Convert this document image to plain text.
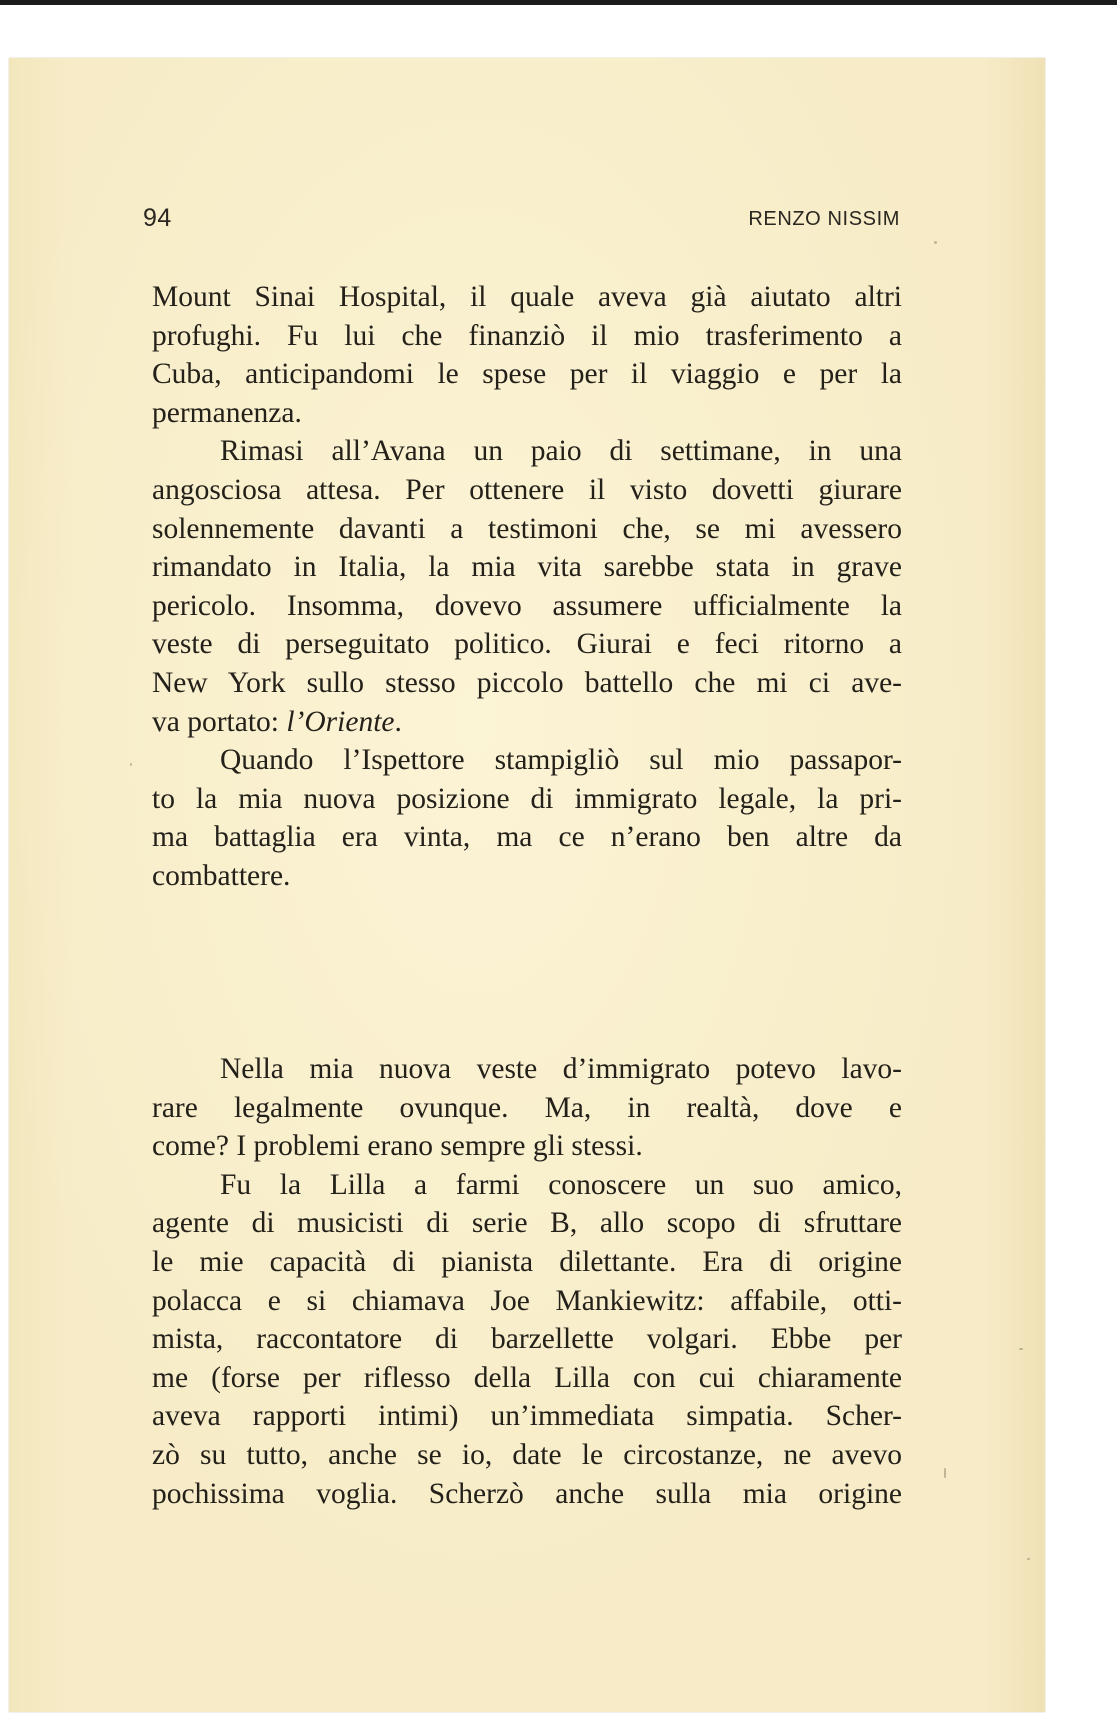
94	RENZO NISSIM

Mount Sinai Hospital, il quale aveva già aiutato altri
profughi. Fu lui che finanziò il mio trasferimento a
Cuba, anticipandomi le spese per il viaggio e per la
permanenza.

Rimasi all’Avana un paio di settimane, in una
angosciosa attesa. Per ottenere il visto dovetti giurare
solennemente davanti a testimoni che, se mi avessero
rimandato in Italia, la mia vita sarebbe stata in grave
pericolo. Insomma, dovevo assumere ufficialmente la
veste di perseguitato politico. Giurai e feci ritorno a
New York sullo stesso piccolo battello che mi ci ave-
va portato: l’Oriente.

Quando l’Ispettore stampigliò sul mio passapor-
to la mia nuova posizione di immigrato legale, la pri-
ma battaglia era vinta, ma ce n’erano ben altre da
combattere.

Nella mia nuova veste d’immigrato potevo lavo-
rare legalmente ovunque. Ma, in realtà, dove e
come? I problemi erano sempre gli stessi.

Fu la Lilla a farmi conoscere un suo amico,
agente di musicisti di serie B, allo scopo di sfruttare
le mie capacità di pianista dilettante. Era di origine
polacca e si chiamava Joe Mankiewitz: affabile, otti-
mista, raccontatore di barzellette volgari. Ebbe per
me (forse per riflesso della Lilla con cui chiaramente
aveva rapporti intimi) un’immediata simpatia. Scher-
zò su tutto, anche se io, date le circostanze, ne avevo
pochissima voglia. Scherzò anche sulla mia origine
